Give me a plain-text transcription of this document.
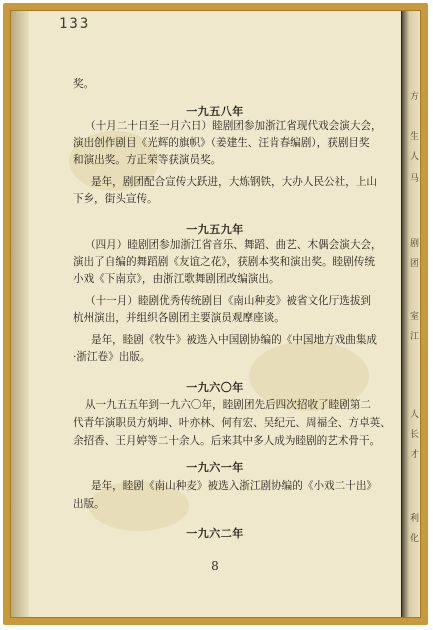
133
奖。
一九五八年
（十月二十日至一月六日）睦剧团参加浙江省现代戏会演大会，
演出创作剧目《光辉的旗帜》（姜建生、汪肯春编剧），获剧目奖
和演出奖。方正荣等获演员奖。
是年，剧团配合宣传大跃进，大炼钢铁，大办人民公社，上山
下乡，街头宣传。
一九五九年
（四月）睦剧团参加浙江省音乐、舞蹈、曲艺、木偶会演大会，
演出了自编的舞蹈剧《友谊之花》，获剧本奖和演出奖。睦剧传统
小戏《下南京》，由浙江歌舞剧团改编演出。
（十一月）睦剧优秀传统剧目《南山种麦》被省文化厅选拔到
杭州演出，并组织各剧团主要演员观摩座谈。
是年，睦剧《牧牛》被选入中国剧协编的《中国地方戏曲集成
·浙江卷》出版。
一九六〇年
从一九五五年到一九六〇年，睦剧团先后四次招收了睦剧第二
代青年演职员方炳坤、叶亦林、何有宏、吴纪元、周福全、方卓英、
余招香、王月婷等二十余人。后来其中多人成为睦剧的艺术骨干。
一九六一年
是年，睦剧《南山种麦》被选入浙江剧协编的《小戏二十出》
出版。
一九六二年
8
方
生
人
马
剧
团
室
江
人
长
才
利
化
